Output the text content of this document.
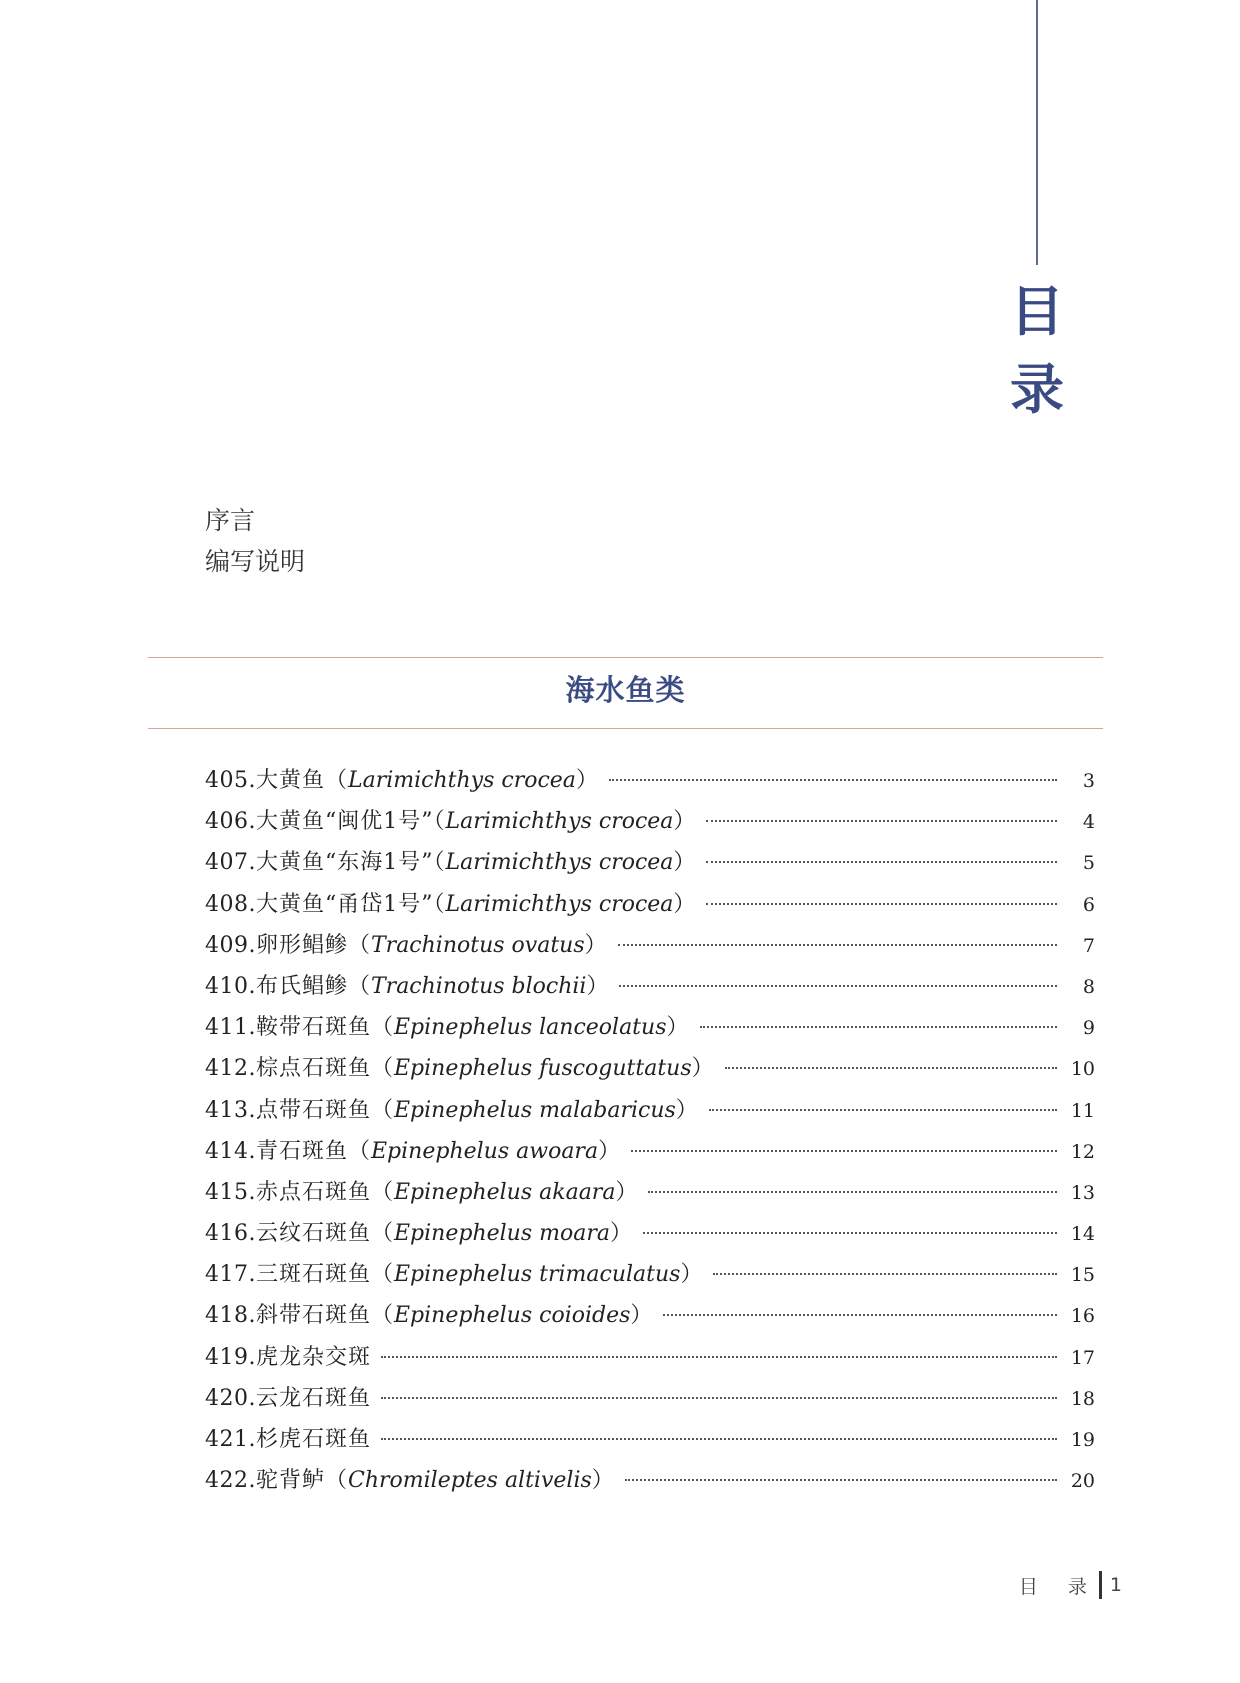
目
录
序言
编写说明
海水鱼类
405. 大黄鱼（ Larimichthys crocea ）	3
406. 大黄鱼“闽优1号”（ Larimichthys crocea ）	4
407. 大黄鱼“东海1号”（ Larimichthys crocea ）	5
408. 大黄鱼“甬岱1号”（ Larimichthys crocea ）	6
409. 卵形鲳鲹（ Trachinotus ovatus ）	7
410. 布氏鲳鲹（ Trachinotus blochii ）	8
411. 鞍带石斑鱼（ Epinephelus lanceolatus ）	9
412. 棕点石斑鱼（ Epinephelus fuscoguttatus ）	10
413. 点带石斑鱼（ Epinephelus malabaricus ）	11
414. 青石斑鱼（ Epinephelus awoara ）	12
415. 赤点石斑鱼（ Epinephelus akaara ）	13
416. 云纹石斑鱼（ Epinephelus moara ）	14
417. 三斑石斑鱼（ Epinephelus trimaculatus ）	15
418. 斜带石斑鱼（ Epinephelus coioides ）	16
419. 虎龙杂交斑	17
420. 云龙石斑鱼	18
421. 杉虎石斑鱼	19
422. 驼背鲈（ Chromileptes altivelis ）	20
目 录 1
